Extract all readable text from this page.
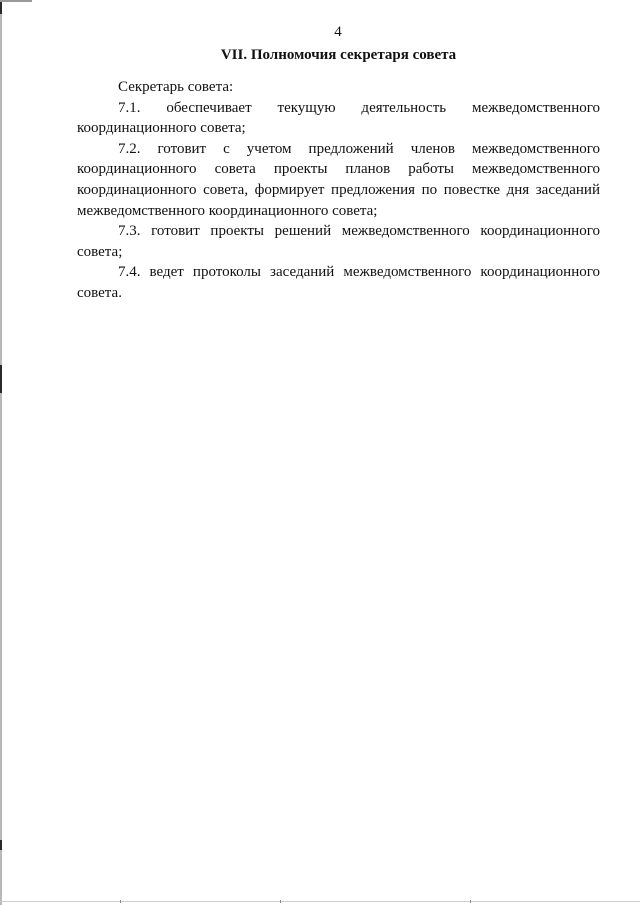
4
VII. Полномочия секретаря совета

Секретарь совета:

7.1. обеспечивает текущую деятельность межведомственного
координационного совета;

7.2. готовит с учетом предложений членов межведомственного
координационного совета проекты планов работы межведомственного
координационного совета, формирует предложения по повестке дня заседаний
межведомственного координационного совета;

7.3. готовит проекты решений межведомственного координационного
совета;

7.4. ведет протоколы заседаний межведомственного координационного
совета.
